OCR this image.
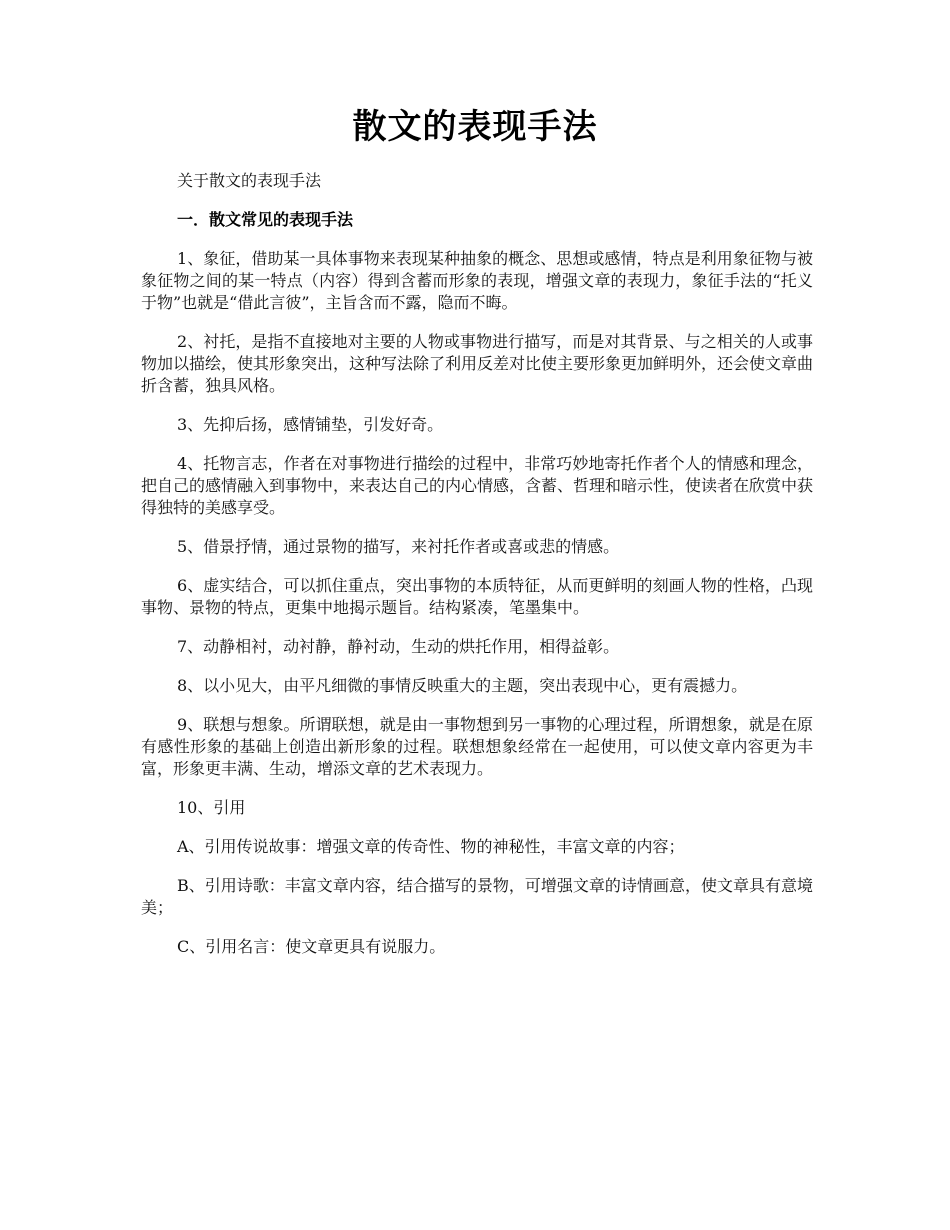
散文的表现手法

关于散文的表现手法

一．散文常见的表现手法

1、象征，借助某一具体事物来表现某种抽象的概念、思想或感情，特点是利用象征物与被象征物之间的某一特点（内容）得到含蓄而形象的表现，增强文章的表现力，象征手法的“托义于物”也就是“借此言彼”，主旨含而不露，隐而不晦。

2、衬托，是指不直接地对主要的人物或事物进行描写，而是对其背景、与之相关的人或事物加以描绘，使其形象突出，这种写法除了利用反差对比使主要形象更加鲜明外，还会使文章曲折含蓄，独具风格。

3、先抑后扬，感情铺垫，引发好奇。

4、托物言志，作者在对事物进行描绘的过程中，非常巧妙地寄托作者个人的情感和理念，把自己的感情融入到事物中，来表达自己的内心情感，含蓄、哲理和暗示性，使读者在欣赏中获得独特的美感享受。

5、借景抒情，通过景物的描写，来衬托作者或喜或悲的情感。

6、虚实结合，可以抓住重点，突出事物的本质特征，从而更鲜明的刻画人物的性格，凸现事物、景物的特点，更集中地揭示题旨。结构紧凑，笔墨集中。

7、动静相衬，动衬静，静衬动，生动的烘托作用，相得益彰。

8、以小见大，由平凡细微的事情反映重大的主题，突出表现中心，更有震撼力。

9、联想与想象。所谓联想，就是由一事物想到另一事物的心理过程，所谓想象，就是在原有感性形象的基础上创造出新形象的过程。联想想象经常在一起使用，可以使文章内容更为丰富，形象更丰满、生动，增添文章的艺术表现力。

10、引用

A、引用传说故事：增强文章的传奇性、物的神秘性，丰富文章的内容；

B、引用诗歌：丰富文章内容，结合描写的景物，可增强文章的诗情画意，使文章具有意境美；

C、引用名言：使文章更具有说服力。
